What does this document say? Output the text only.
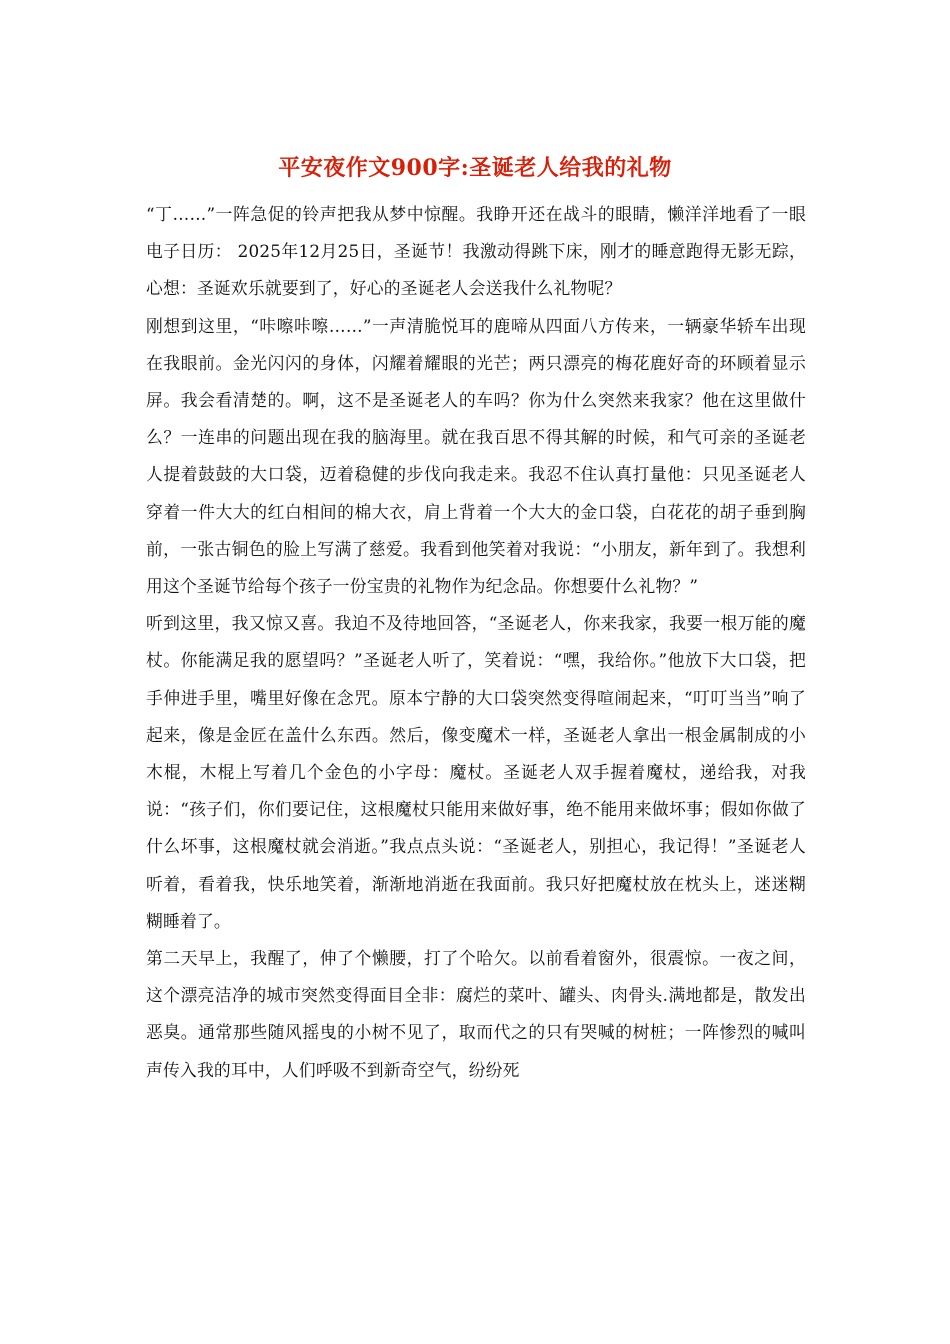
平安夜作文900字:圣诞老人给我的礼物

“丁……”一阵急促的铃声把我从梦中惊醒。我睁开还在战斗的眼睛，懒洋洋地看了一眼电子日历： 2025年12月25日，圣诞节！我激动得跳下床，刚才的睡意跑得无影无踪，心想：圣诞欢乐就要到了，好心的圣诞老人会送我什么礼物呢？

刚想到这里，“咔嚓咔嚓……”一声清脆悦耳的鹿啼从四面八方传来，一辆豪华轿车出现在我眼前。金光闪闪的身体，闪耀着耀眼的光芒；两只漂亮的梅花鹿好奇的环顾着显示屏。我会看清楚的。啊，这不是圣诞老人的车吗？你为什么突然来我家？他在这里做什么？一连串的问题出现在我的脑海里。就在我百思不得其解的时候，和气可亲的圣诞老人提着鼓鼓的大口袋，迈着稳健的步伐向我走来。我忍不住认真打量他：只见圣诞老人穿着一件大大的红白相间的棉大衣，肩上背着一个大大的金口袋，白花花的胡子垂到胸前，一张古铜色的脸上写满了慈爱。我看到他笑着对我说：“小朋友，新年到了。我想利用这个圣诞节给每个孩子一份宝贵的礼物作为纪念品。你想要什么礼物？”

听到这里，我又惊又喜。我迫不及待地回答，“圣诞老人，你来我家，我要一根万能的魔杖。你能满足我的愿望吗？”圣诞老人听了，笑着说：“嘿，我给你。”他放下大口袋，把手伸进手里，嘴里好像在念咒。原本宁静的大口袋突然变得喧闹起来，“叮叮当当”响了起来，像是金匠在盖什么东西。然后，像变魔术一样，圣诞老人拿出一根金属制成的小木棍，木棍上写着几个金色的小字母：魔杖。圣诞老人双手握着魔杖，递给我，对我说：“孩子们，你们要记住，这根魔杖只能用来做好事，绝不能用来做坏事；假如你做了什么坏事，这根魔杖就会消逝。”我点点头说：“圣诞老人，别担心，我记得！”圣诞老人听着，看着我，快乐地笑着，渐渐地消逝在我面前。我只好把魔杖放在枕头上，迷迷糊糊睡着了。

第二天早上，我醒了，伸了个懒腰，打了个哈欠。以前看着窗外，很震惊。一夜之间，这个漂亮洁净的城市突然变得面目全非：腐烂的菜叶、罐头、肉骨头.满地都是，散发出恶臭。通常那些随风摇曳的小树不见了，取而代之的只有哭喊的树桩；一阵惨烈的喊叫声传入我的耳中，人们呼吸不到新奇空气，纷纷死
